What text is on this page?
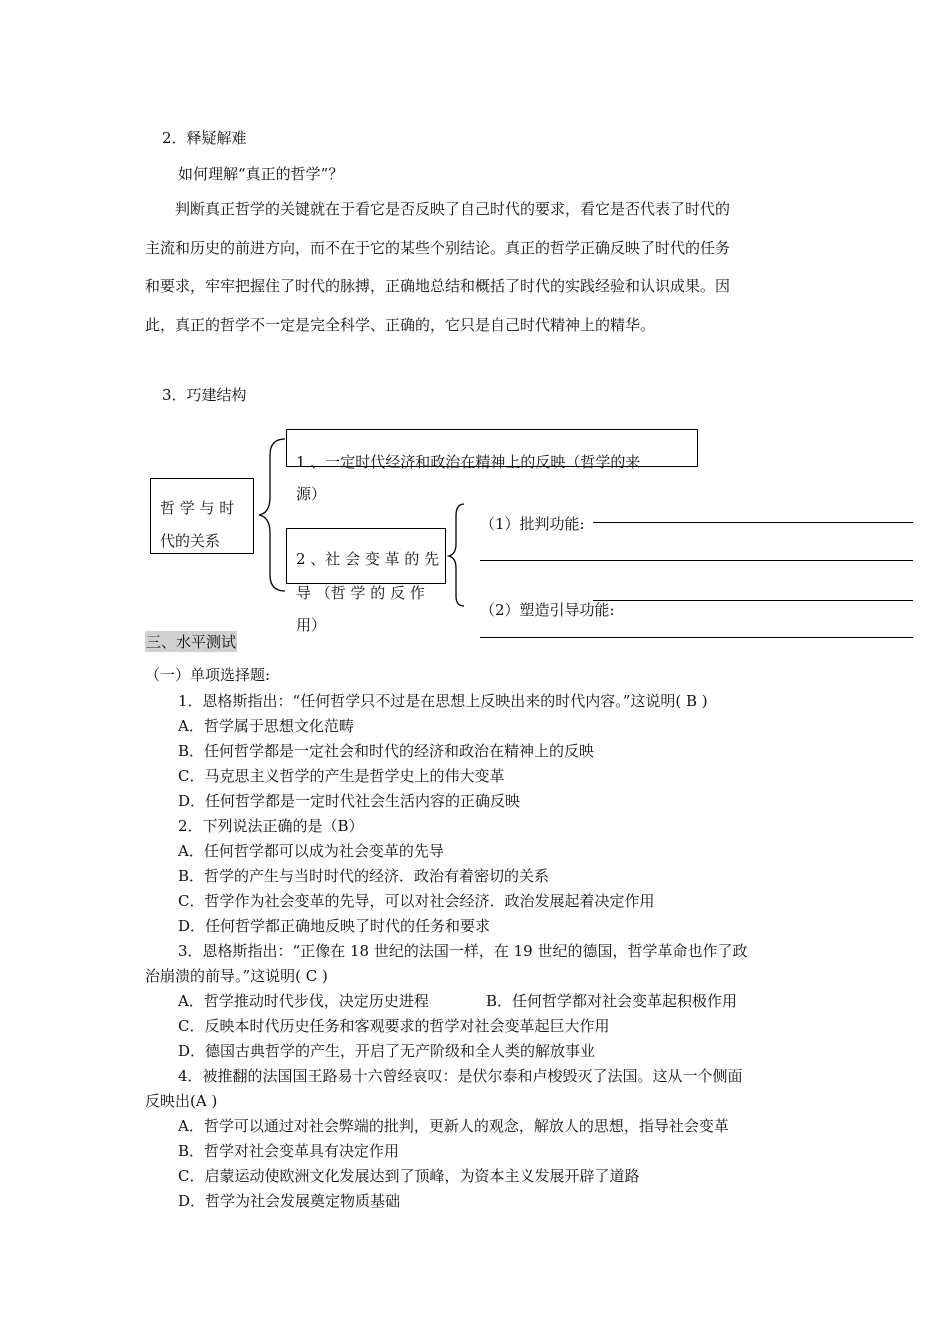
2．释疑解难
如何理解“真正的哲学”？

判断真正哲学的关键就在于看它是否反映了自己时代的要求，看它是否代表了时代的

主流和历史的前进方向，而不在于它的某些个别结论。真正的哲学正确反映了时代的任务

和要求，牢牢把握住了时代的脉搏，正确地总结和概括了时代的实践经验和认识成果。因

此，真正的哲学不一定是完全科学、正确的，它只是自己时代精神上的精华。

3．巧建结构
哲 学 与 时
代的关系
1 、一定时代经济和政治在精神上的反映（哲学的来
源）
2 、社 会 变 革 的 先
导 （哲 学 的 反 作
用）
（1）批判功能:
（2）塑造引导功能:
三、水平测试
（一）单项选择题:
1．恩格斯指出：“任何哲学只不过是在思想上反映出来的时代内容。”这说明( B )
A．哲学属于思想文化范畴
B．任何哲学都是一定社会和时代的经济和政治在精神上的反映
C．马克思主义哲学的产生是哲学史上的伟大变革
D．任何哲学都是一定时代社会生活内容的正确反映
2．下列说法正确的是（B）
A．任何哲学都可以成为社会变革的先导
B．哲学的产生与当时时代的经济．政治有着密切的关系
C．哲学作为社会变革的先导，可以对社会经济．政治发展起着决定作用
D．任何哲学都正确地反映了时代的任务和要求
3．恩格斯指出：“正像在 18 世纪的法国一样，在 19 世纪的德国，哲学革命也作了政
治崩溃的前导。”这说明( C )
A．哲学推动时代步伐，决定历史进程	B．任何哲学都对社会变革起积极作用
C．反映本时代历史任务和客观要求的哲学对社会变革起巨大作用
D．德国古典哲学的产生，开启了无产阶级和全人类的解放事业
4．被推翻的法国国王路易十六曾经哀叹：是伏尔泰和卢梭毁灭了法国。这从一个侧面
反映出(A )
A．哲学可以通过对社会弊端的批判，更新人的观念，解放人的思想，指导社会变革
B．哲学对社会变革具有决定作用
C．启蒙运动使欧洲文化发展达到了顶峰，为资本主义发展开辟了道路
D．哲学为社会发展奠定物质基础
